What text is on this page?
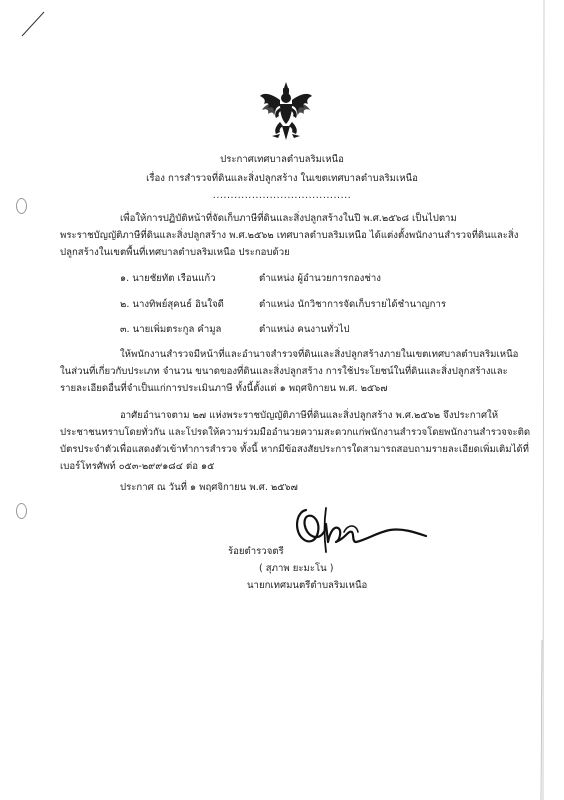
ประกาศเทศบาลตำบลริมเหนือ
เรื่อง การสำรวจที่ดินและสิ่งปลูกสร้าง ในเขตเทศบาลตำบลริมเหนือ
.......................................
เพื่อให้การปฏิบัติหน้าที่จัดเก็บภาษีที่ดินและสิ่งปลูกสร้างในปี พ.ศ.๒๕๖๘ เป็นไปตาม
พระราชบัญญัติภาษีที่ดินและสิ่งปลูกสร้าง พ.ศ.๒๕๖๒ เทศบาลตำบลริมเหนือ ได้แต่งตั้งพนักงานสำรวจที่ดินและสิ่ง
ปลูกสร้างในเขตพื้นที่เทศบาลตำบลริมเหนือ ประกอบด้วย
๑. นายชัยทัต เรือนแก้ว	ตำแหน่ง ผู้อำนวยการกองช่าง
๒. นางทิพย์สุคนธ์ อินใจดี	ตำแหน่ง นักวิชาการจัดเก็บรายได้ชำนาญการ
๓. นายเพิ่มตระกูล คำมูล	ตำแหน่ง คนงานทั่วไป
ให้พนักงานสำรวจมีหน้าที่และอำนาจสำรวจที่ดินและสิ่งปลูกสร้างภายในเขตเทศบาลตำบลริมเหนือ
ในส่วนที่เกี่ยวกับประเภท จำนวน ขนาดของที่ดินและสิ่งปลูกสร้าง การใช้ประโยชน์ในที่ดินและสิ่งปลูกสร้างและ
รายละเอียดอื่นที่จำเป็นแก่การประเมินภาษี ทั้งนี้ตั้งแต่ ๑ พฤศจิกายน พ.ศ. ๒๕๖๗
อาศัยอำนาจตาม ๒๗ แห่งพระราชบัญญัติภาษีที่ดินและสิ่งปลูกสร้าง พ.ศ.๒๕๖๒ จึงประกาศให้
ประชาชนทราบโดยทั่วกัน และโปรดให้ความร่วมมืออำนวยความสะดวกแก่พนักงานสำรวจโดยพนักงานสำรวจจะติด
บัตรประจำตัวเพื่อแสดงตัวเข้าทำการสำรวจ ทั้งนี้ หากมีข้อสงสัยประการใดสามารถสอบถามรายละเอียดเพิ่มเติมได้ที่
เบอร์โทรศัพท์ ๐๕๓-๒๙๙๑๘๔ ต่อ ๑๕
ประกาศ ณ วันที่ ๑ พฤศจิกายน พ.ศ. ๒๕๖๗
ร้อยตำรวจตรี
( สุภาพ ยะมะโน )
นายกเทศมนตรีตำบลริมเหนือ
